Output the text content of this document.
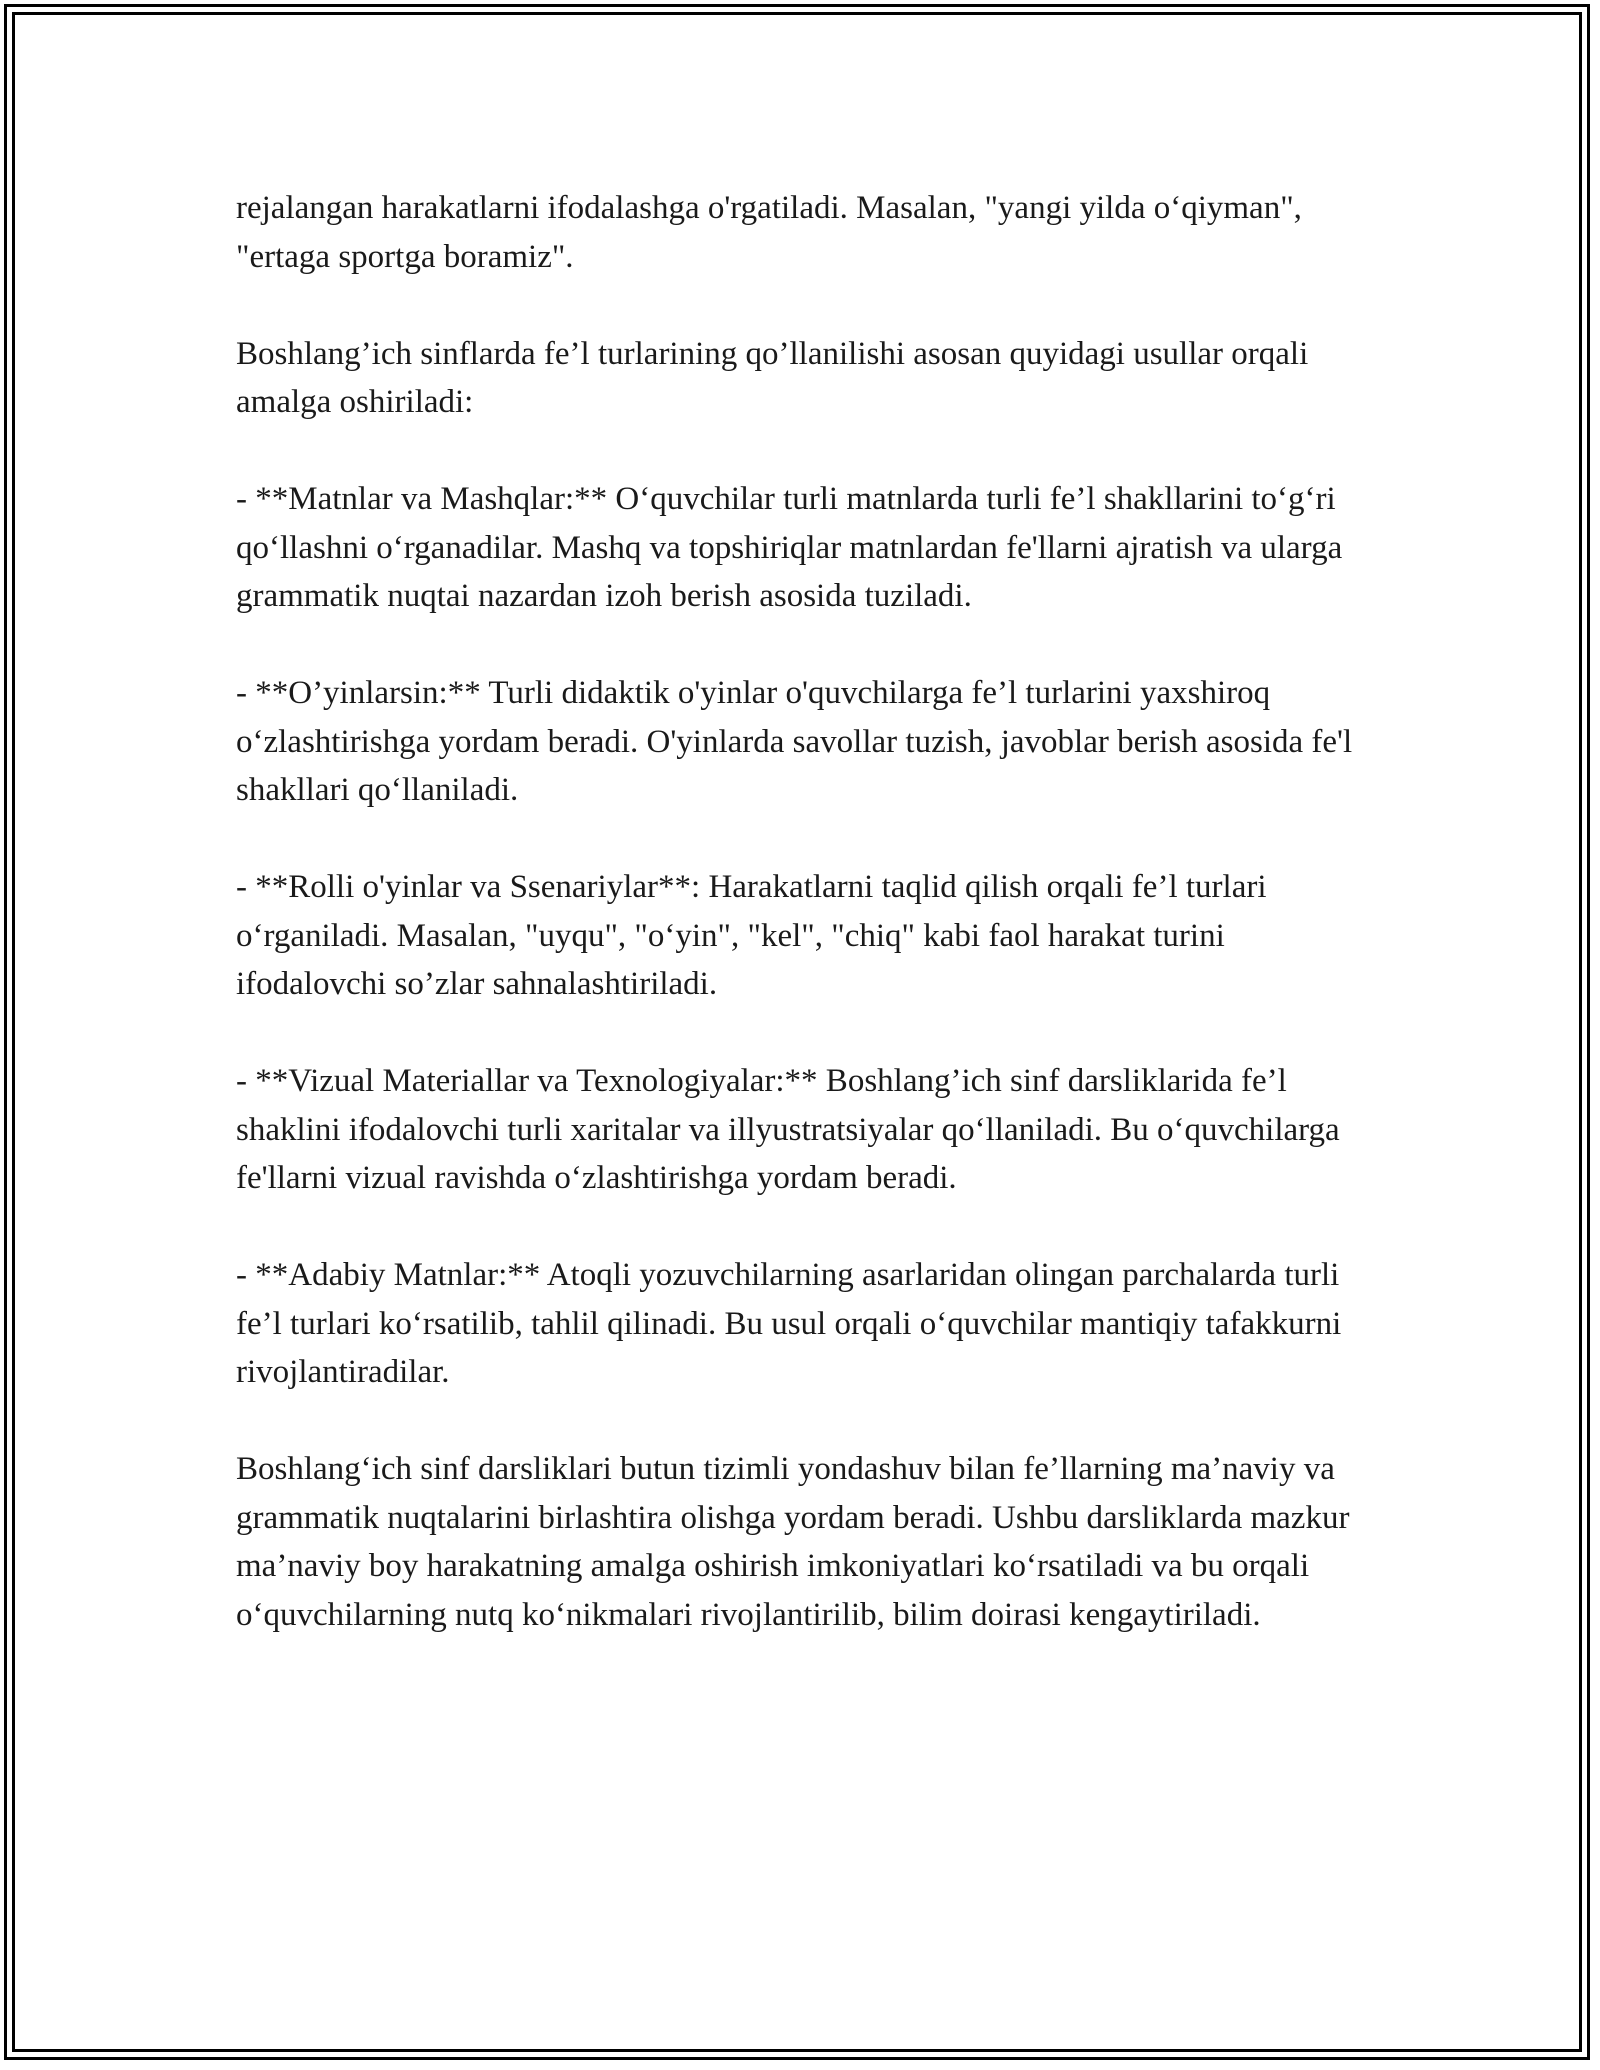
rejalangan harakatlarni ifodalashga o'rgatiladi. Masalan, "yangi yilda o‘qiyman", "ertaga sportga boramiz".

Boshlang’ich sinflarda fe’l turlarining qo’llanilishi asosan quyidagi usullar orqali amalga oshiriladi:

- **Matnlar va Mashqlar:** O‘quvchilar turli matnlarda turli fe’l shakllarini to‘g‘ri qo‘llashni o‘rganadilar. Mashq va topshiriqlar matnlardan fe'llarni ajratish va ularga grammatik nuqtai nazardan izoh berish asosida tuziladi.

- **O’yinlarsin:** Turli didaktik o'yinlar o'quvchilarga fe’l turlarini yaxshiroq o‘zlashtirishga yordam beradi. O'yinlarda savollar tuzish, javoblar berish asosida fe'l shakllari qo‘llaniladi.

- **Rolli o'yinlar va Ssenariylar**: Harakatlarni taqlid qilish orqali fe’l turlari o‘rganiladi. Masalan, "uyqu", "o‘yin", "kel", "chiq" kabi faol harakat turini ifodalovchi so’zlar sahnalashtiriladi.

- **Vizual Materiallar va Texnologiyalar:** Boshlang’ich sinf darsliklarida fe’l shaklini ifodalovchi turli xaritalar va illyustratsiyalar qo‘llaniladi. Bu o‘quvchilarga fe'llarni vizual ravishda o‘zlashtirishga yordam beradi.

- **Adabiy Matnlar:** Atoqli yozuvchilarning asarlaridan olingan parchalarda turli fe’l turlari ko‘rsatilib, tahlil qilinadi. Bu usul orqali o‘quvchilar mantiqiy tafakkurni rivojlantiradilar.

Boshlang‘ich sinf darsliklari butun tizimli yondashuv bilan fe’llarning ma’naviy va grammatik nuqtalarini birlashtira olishga yordam beradi. Ushbu darsliklarda mazkur ma’naviy boy harakatning amalga oshirish imkoniyatlari ko‘rsatiladi va bu orqali o‘quvchilarning nutq ko‘nikmalari rivojlantirilib, bilim doirasi kengaytiriladi.
